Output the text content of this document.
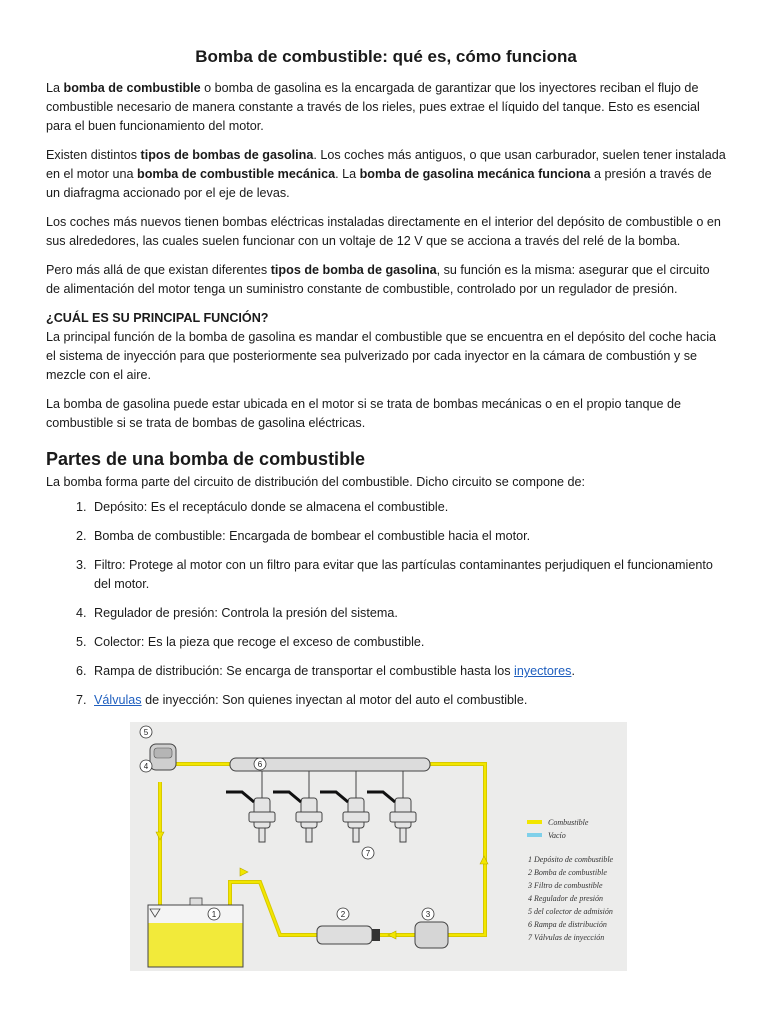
Bomba de combustible: qué es, cómo funciona

La bomba de combustible o bomba de gasolina es la encargada de garantizar que los inyectores reciban el flujo de combustible necesario de manera constante a través de los rieles, pues extrae el líquido del tanque. Esto es esencial para el buen funcionamiento del motor.

Existen distintos tipos de bombas de gasolina. Los coches más antiguos, o que usan carburador, suelen tener instalada en el motor una bomba de combustible mecánica. La bomba de gasolina mecánica funciona a presión a través de un diafragma accionado por el eje de levas.

Los coches más nuevos tienen bombas eléctricas instaladas directamente en el interior del depósito de combustible o en sus alrededores, las cuales suelen funcionar con un voltaje de 12 V que se acciona a través del relé de la bomba.

Pero más allá de que existan diferentes tipos de bomba de gasolina, su función es la misma: asegurar que el circuito de alimentación del motor tenga un suministro constante de combustible, controlado por un regulador de presión.

¿CUÁL ES SU PRINCIPAL FUNCIÓN?

La principal función de la bomba de gasolina es mandar el combustible que se encuentra en el depósito del coche hacia el sistema de inyección para que posteriormente sea pulverizado por cada inyector en la cámara de combustión y se mezcle con el aire.

La bomba de gasolina puede estar ubicada en el motor si se trata de bombas mecánicas o en el propio tanque de combustible si se trata de bombas de gasolina eléctricas.

Partes de una bomba de combustible
La bomba forma parte del circuito de distribución del combustible. Dicho circuito se compone de:
1. Depósito: Es el receptáculo donde se almacena el combustible.
2. Bomba de combustible: Encargada de bombear el combustible hacia el motor.
3. Filtro: Protege al motor con un filtro para evitar que las partículas contaminantes perjudiquen el funcionamiento del motor.
4. Regulador de presión: Controla la presión del sistema.
5. Colector: Es la pieza que recoge el exceso de combustible.
6. Rampa de distribución: Se encarga de transportar el combustible hasta los inyectores.
7. Válvulas de inyección: Son quienes inyectan al motor del auto el combustible.
1	2	3
4
5
6
7
Combustible
Vacío
1 Depósito de combustible
2 Bomba de combustible
3 Filtro de combustible
4 Regulador de presión
5 del colector de admisión
6 Rampa de distribución
7 Válvulas de inyección
